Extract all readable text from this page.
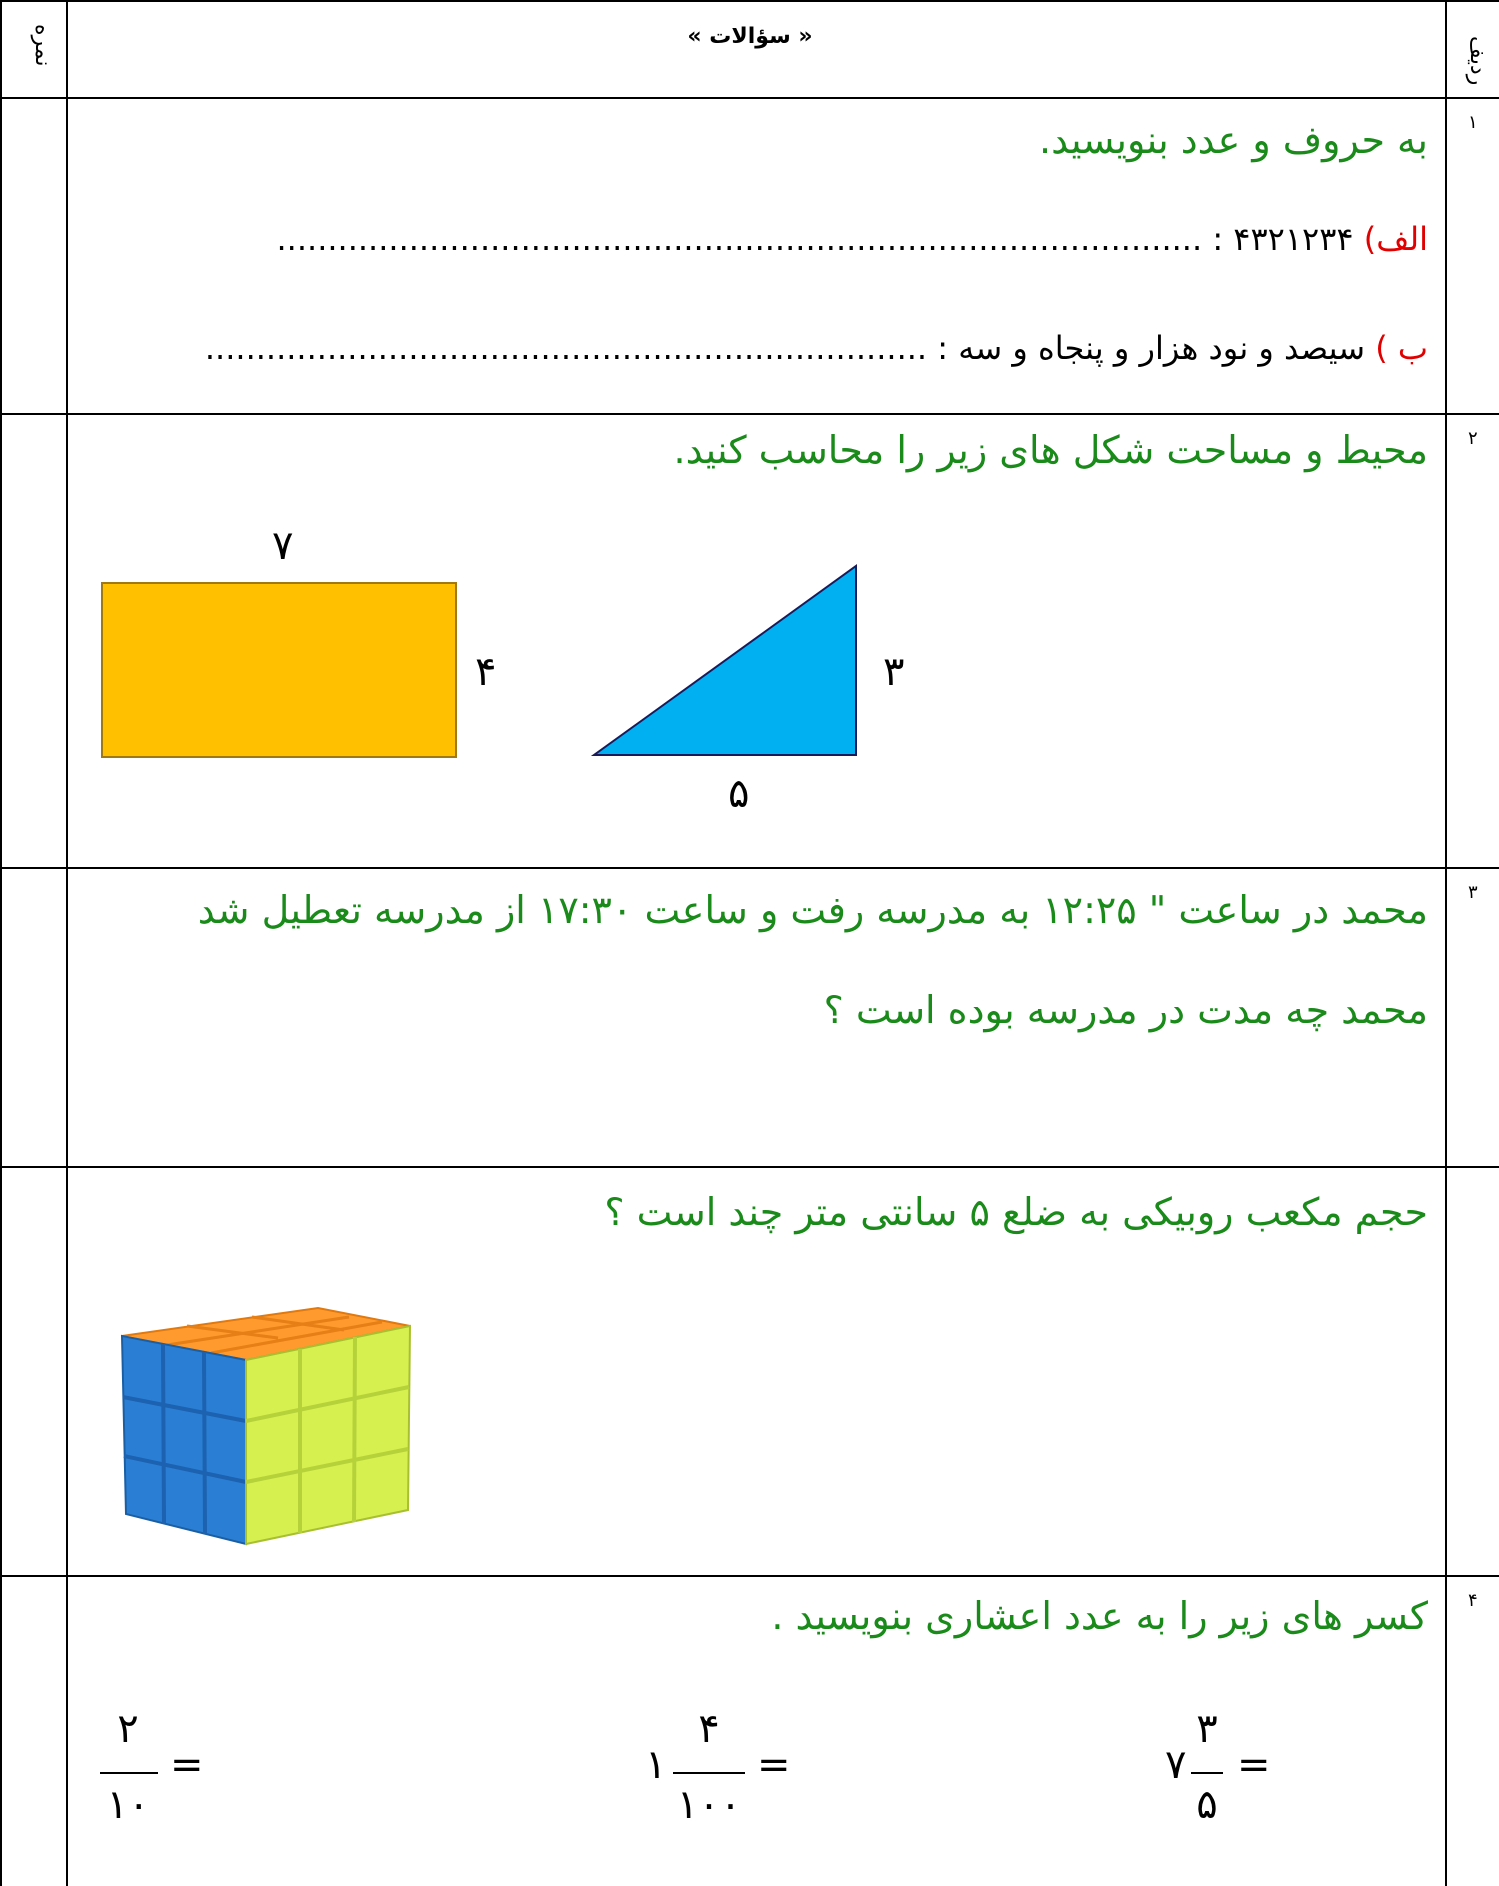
نمره	« سؤالات »	ردیف
۱
به حروف و عدد بنویسید.
الف) ۴۳۲۱۲۳۴ : ...........................................................................................
ب ) سیصد و نود هزار و پنجاه و سه : .......................................................................
۲
محیط و مساحت شکل های زیر را محاسب کنید.
۷
۴	۳
۵
۳
محمد در ساعت " ۱۲:۲۵ به مدرسه رفت و ساعت ۱۷:۳۰ از مدرسه تعطیل شد
محمد چه مدت در مدرسه بوده است ؟
حجم مکعب روبیکی به ضلع ۵ سانتی متر چند است ؟
۴
کسر های زیر را به عدد اعشاری بنویسید .
۲
۱۰
=	۱
۴
۱۰۰
=	۷
۳
۵
=
